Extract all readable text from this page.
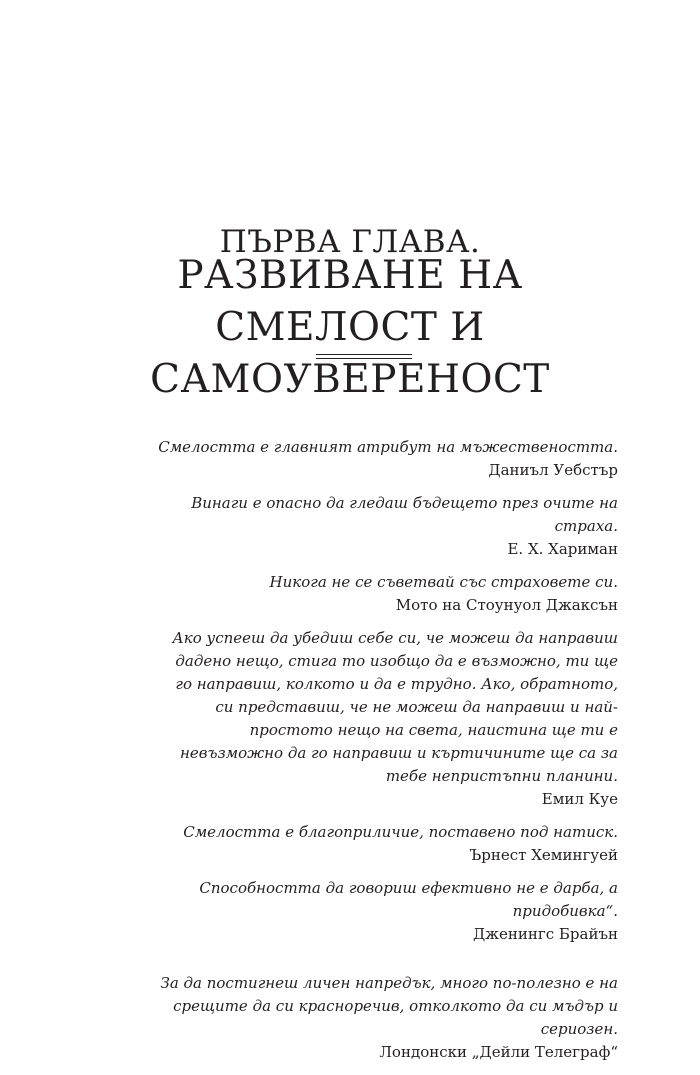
ПЪРВА ГЛАВА.
РАЗВИВАНЕ НА СМЕЛОСТ И САМОУВЕРЕНОСТ

Смелостта е главният атрибут на мъжествеността.

Даниъл Уебстър

Винаги е опасно да гледаш бъдещето през очите на страха.

Е. Х. Хариман

Никога не се съветвай със страховете си.

Мото на Стоунуол Джаксън

Ако успееш да убедиш себе си, че можеш да направиш дадено нещо, стига то изобщо да е възможно, ти ще го направиш, колкото и да е трудно. Ако, обратното, си представиш, че не можеш да направиш и най-простото нещо на света, наистина ще ти е невъзможно да го направиш и къртичините ще са за тебе непристъпни планини.

Емил Куе

Смелостта е благоприличие, поставено под натиск.

Ърнест Хемингуей

Способността да говориш ефективно не е дарба, а придобивка“.

Дженингс Брайън

За да постигнеш личен напредък, много по-полезно е на срещите да си красноречив, отколкото да си мъдър и сериозен.

Лондонски „Дейли Телеграф“
